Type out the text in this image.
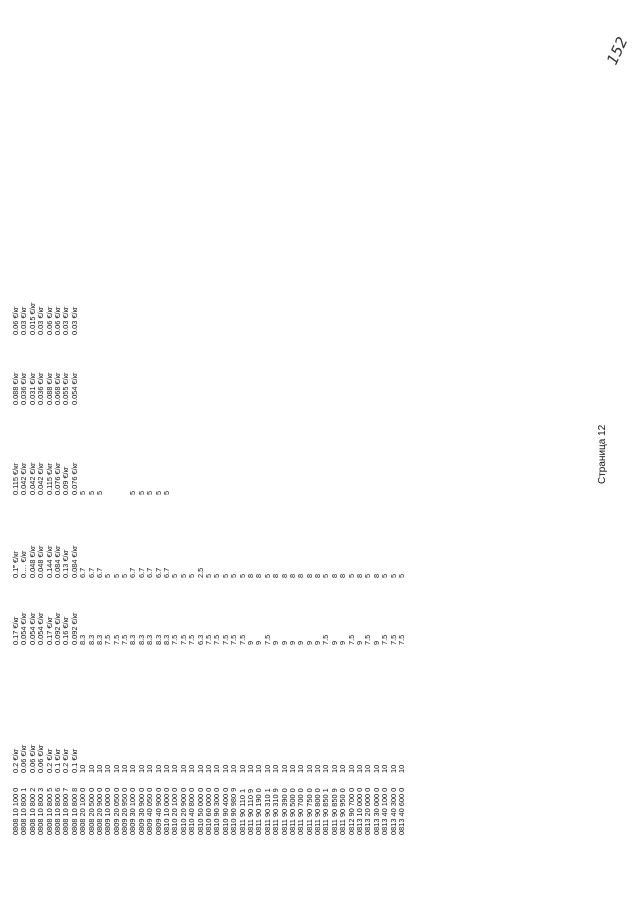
0808 10 100 0 0808 10 800 1 0808 10 800 2 0808 10 800 3 0808 10 800 5 0808 10 800 6 0808 10 800 7 0808 10 800 8 0808 20 100 0 0808 20 500 0 0808 20 900 0 0809 10 000 0 0809 20 050 0 0809 20 950 0 0809 30 100 0 0809 30 900 0 0809 40 050 0 0809 40 900 0 0810 10 000 0 0810 20 100 0 0810 20 900 0 0810 40 800 0 0810 50 000 0 0810 60 000 0 0810 90 300 0 0810 90 400 0 0810 90 980 9 0811 90 110 1 0811 90 110 9 0811 90 190 0 0811 90 310 1 0811 90 310 9 0811 90 390 0 0811 90 500 0 0811 90 700 0 0811 90 750 0 0811 90 800 0 0811 90 850 1 0811 90 850 9 0811 90 950 0 0812 90 700 0 0813 10 000 0 0813 20 000 0 0813 30 000 0 0813 40 100 0 0813 40 300 0 0813 40 600 0
0.2 €/кг 0.06 €/кг 0.06 €/кг 0.06 €/кг 0.2 €/кг 0.1 €/кг 0.2 €/кг 0.1 €/кг 10 10 10 10 10 10 10 10 10 10 10 10 10 10 10 10 10 10 10 10 10 10 10 10 10 10 10 10 10 10 10 10 10 10 10 10 10 10 10
0.17 €/кг 0.054 €/кг 0.054 €/кг 0.054 €/кг 0.17 €/кг 0.092 €/кг 0.16 €/кг 0.092 €/кг 8.3 8.3 8.3 7.5 7.5 7.5 8.3 8.3 8.3 8.3 8.3 7.5 7.5 7.5 6.3 7.5 7.5 7.5 7.5 7.5 9 9 7.5 9 9 9 9 9 9 7.5 9 9 7.5 9 7.5 9 7.5 7.5 7.5
0.1‴ €/кг 0.… €/кг 0.048 €/кг 0.048 €/кг 0.144 €/кг 0.084 €/кг 0.13 €/кг 0.084 €/кг 6.7 6.7 6.7 5 5 5 6.7 6.7 6.7 6.7 6.7 5 5 5 2.5 5 5 5 5 5 8 8 5 8 8 8 8 8 8 5 8 8 5 8 5 8 5 5 5
0.115 €/кг 0.042 €/кг 0.042 €/кг 0.042 €/кг 0.115 €/кг 0.076 €/кг 0.09 €/кг 0.076 €/кг 5 5 5	5 5 5 5 5
0.088 €/кг 0.036 €/кг 0.031 €/кг 0.036 €/кг 0.088 €/кг 0.068 €/кг 0.055 €/кг 0.054 €/кг
0.06 €/кг 0.03 €/кг 0.015 €/кг 0.03 €/кг 0.06 €/кг 0.06 €/кг 0.03 €/кг 0.03 €/кг
Страница 12
152
